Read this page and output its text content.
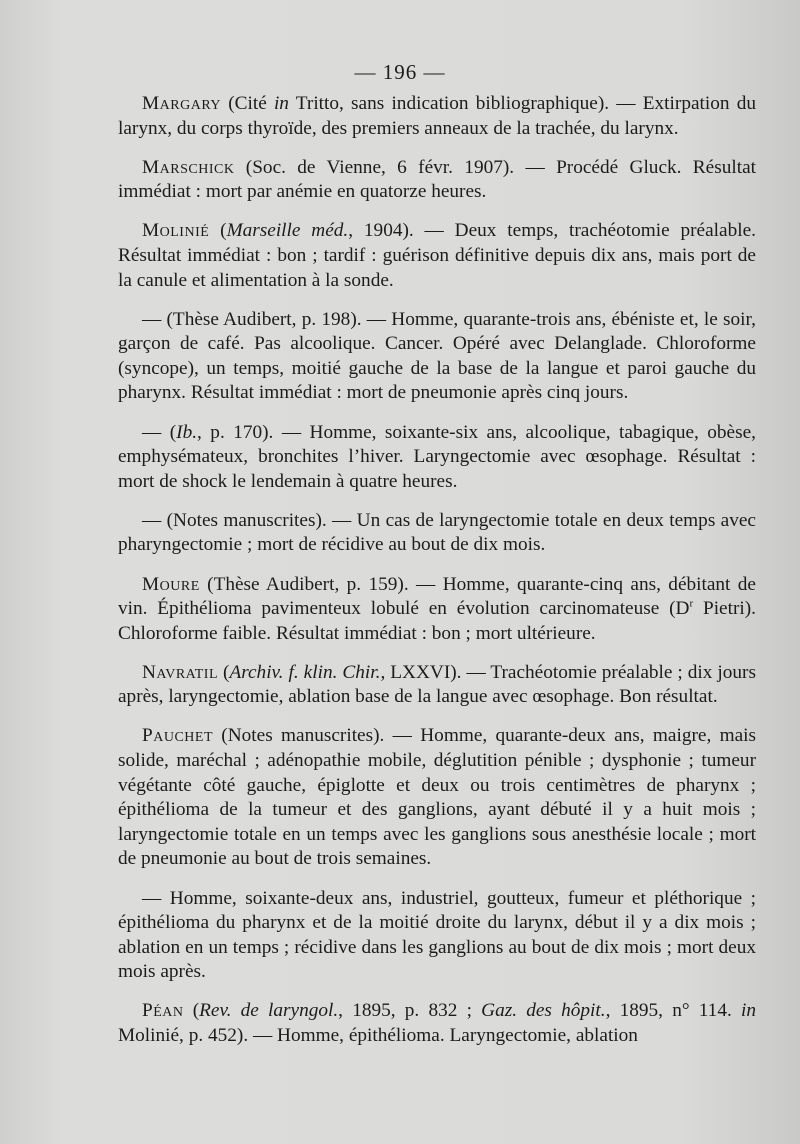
— 196 —

Margary (Cité in Tritto, sans indication bibliographique). — Extirpation du larynx, du corps thyroïde, des premiers anneaux de la trachée, du larynx.

Marschick (Soc. de Vienne, 6 févr. 1907). — Procédé Gluck. Résultat immédiat : mort par anémie en quatorze heures.

Molinié (Marseille méd., 1904). — Deux temps, trachéotomie préalable. Résultat immédiat : bon ; tardif : guérison définitive depuis dix ans, mais port de la canule et alimentation à la sonde.

— (Thèse Audibert, p. 198). — Homme, quarante-trois ans, ébéniste et, le soir, garçon de café. Pas alcoolique. Cancer. Opéré avec Delanglade. Chloroforme (syncope), un temps, moitié gauche de la base de la langue et paroi gauche du pharynx. Résultat immédiat : mort de pneumonie après cinq jours.

— (Ib., p. 170). — Homme, soixante-six ans, alcoolique, tabagique, obèse, emphysémateux, bronchites l’hiver. Laryngectomie avec œsophage. Résultat : mort de shock le lendemain à quatre heures.

— (Notes manuscrites). — Un cas de laryngectomie totale en deux temps avec pharyngectomie ; mort de récidive au bout de dix mois.

Moure (Thèse Audibert, p. 159). — Homme, quarante-cinq ans, débitant de vin. Épithélioma pavimenteux lobulé en évolution carcinomateuse ($D^r$ Pietri). Chloroforme faible. Résultat immédiat : bon ; mort ultérieure.

Navratil (Archiv. f. klin. Chir., LXXVI). — Trachéotomie préalable ; dix jours après, laryngectomie, ablation base de la langue avec œsophage. Bon résultat.

Pauchet (Notes manuscrites). — Homme, quarante-deux ans, maigre, mais solide, maréchal ; adénopathie mobile, déglutition pénible ; dysphonie ; tumeur végétante côté gauche, épiglotte et deux ou trois centimètres de pharynx ; épithélioma de la tumeur et des ganglions, ayant débuté il y a huit mois ; laryngectomie totale en un temps avec les ganglions sous anesthésie locale ; mort de pneumonie au bout de trois semaines.

— Homme, soixante-deux ans, industriel, goutteux, fumeur et pléthorique ; épithélioma du pharynx et de la moitié droite du larynx, début il y a dix mois ; ablation en un temps ; récidive dans les ganglions au bout de dix mois ; mort deux mois après.

Péan (Rev. de laryngol., 1895, p. 832 ; Gaz. des hôpit., 1895, n° 114. in Molinié, p. 452). — Homme, épithélioma. Laryngectomie, ablation
